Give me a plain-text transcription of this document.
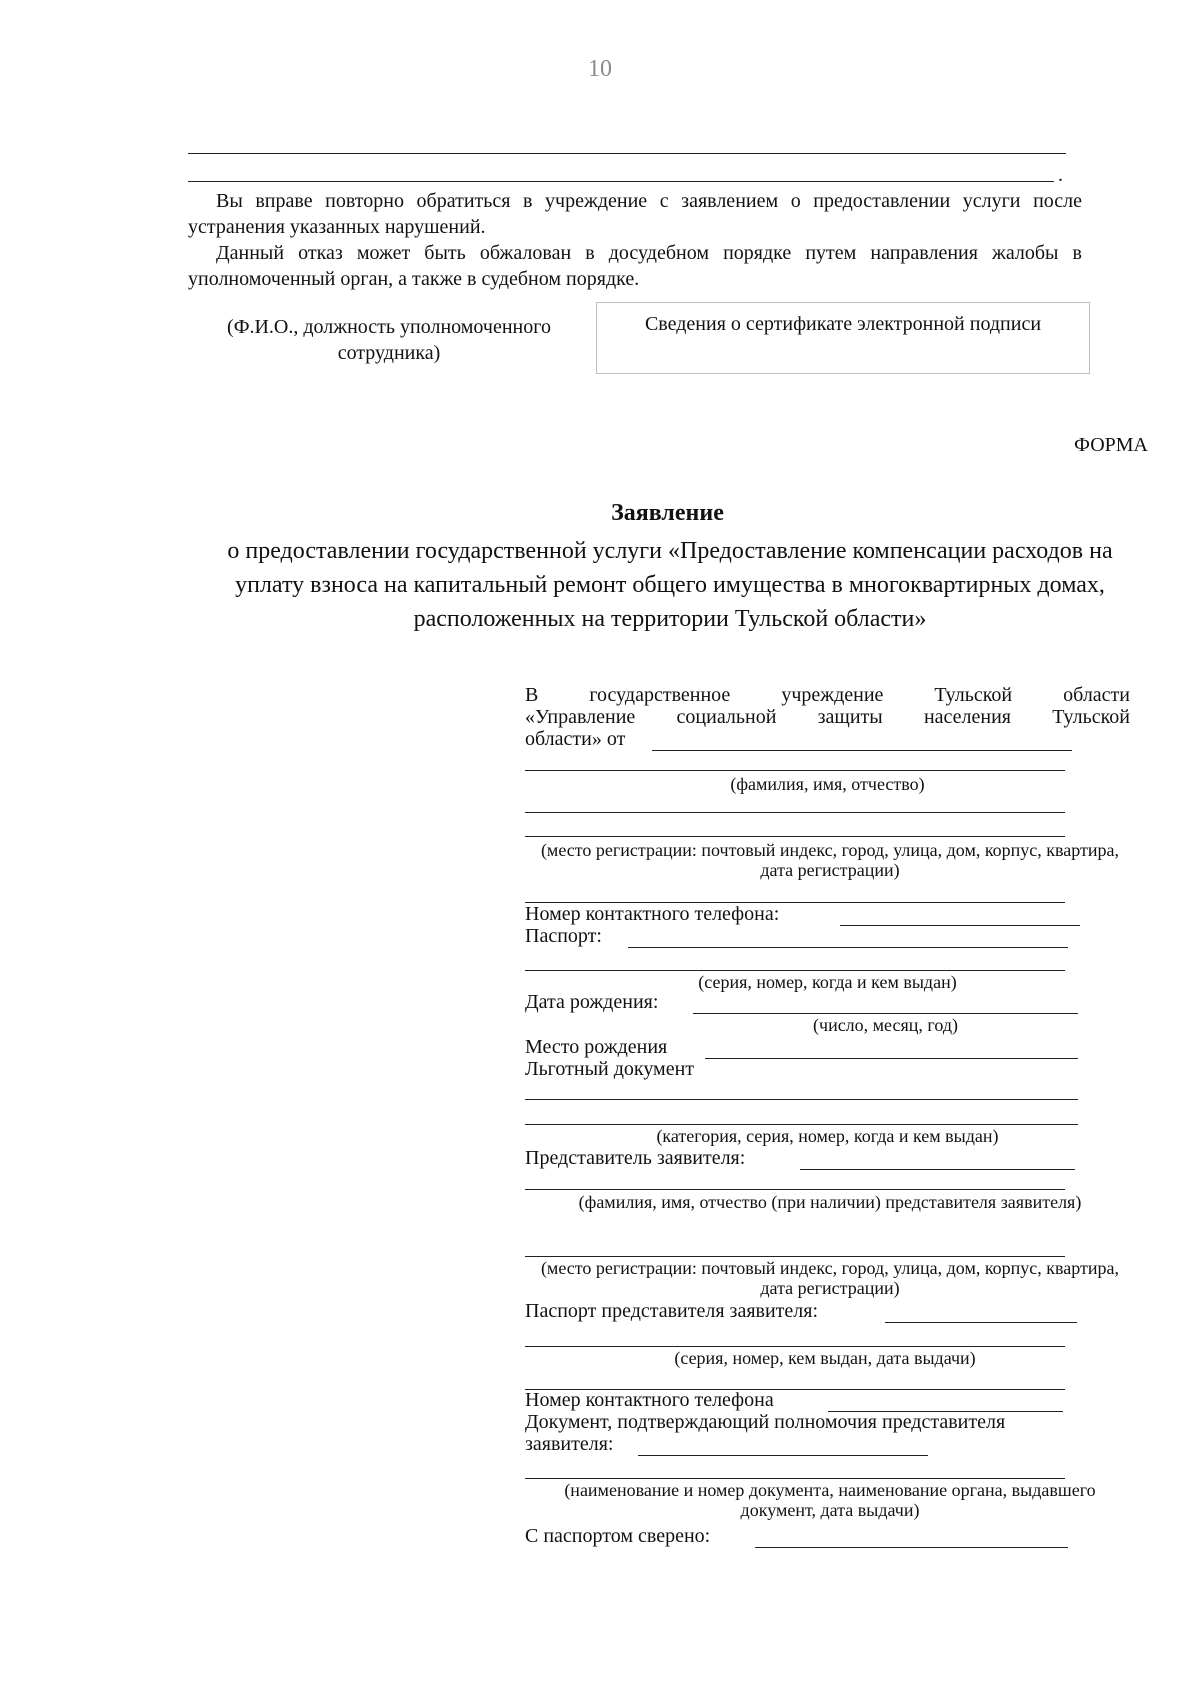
10
.

Вы вправе повторно обратиться в учреждение с заявлением о предоставлении услуги после устранения указанных нарушений.

Данный отказ может быть обжалован в досудебном порядке путем направления жалобы в уполномоченный орган, а также в судебном порядке.

(Ф.И.О., должность уполномоченного сотрудника)
Сведения о сертификате электронной подписи
ФОРМА
Заявление
о предоставлении государственной услуги «Предоставление компенсации расходов на уплату взноса на капитальный ремонт общего имущества в многоквартирных домах, расположенных на территории Тульской области»
В государственное учреждение Тульской области
«Управление социальной защиты населения Тульской
области» от
(фамилия, имя, отчество)
(место регистрации: почтовый индекс, город, улица, дом, корпус, квартира, дата регистрации)
Номер контактного телефона:
Паспорт:
(серия, номер, когда и кем выдан)
Дата рождения:
(число, месяц, год)
Место рождения
Льготный документ
(категория, серия, номер, когда и кем выдан)
Представитель заявителя:
(фамилия, имя, отчество (при наличии) представителя заявителя)
(место регистрации: почтовый индекс, город, улица, дом, корпус, квартира, дата регистрации)
Паспорт представителя заявителя:
(серия, номер, кем выдан, дата выдачи)
Номер контактного телефона
Документ, подтверждающий полномочия представителя
заявителя:
(наименование и номер документа, наименование органа, выдавшего документ, дата выдачи)
С паспортом сверено:
